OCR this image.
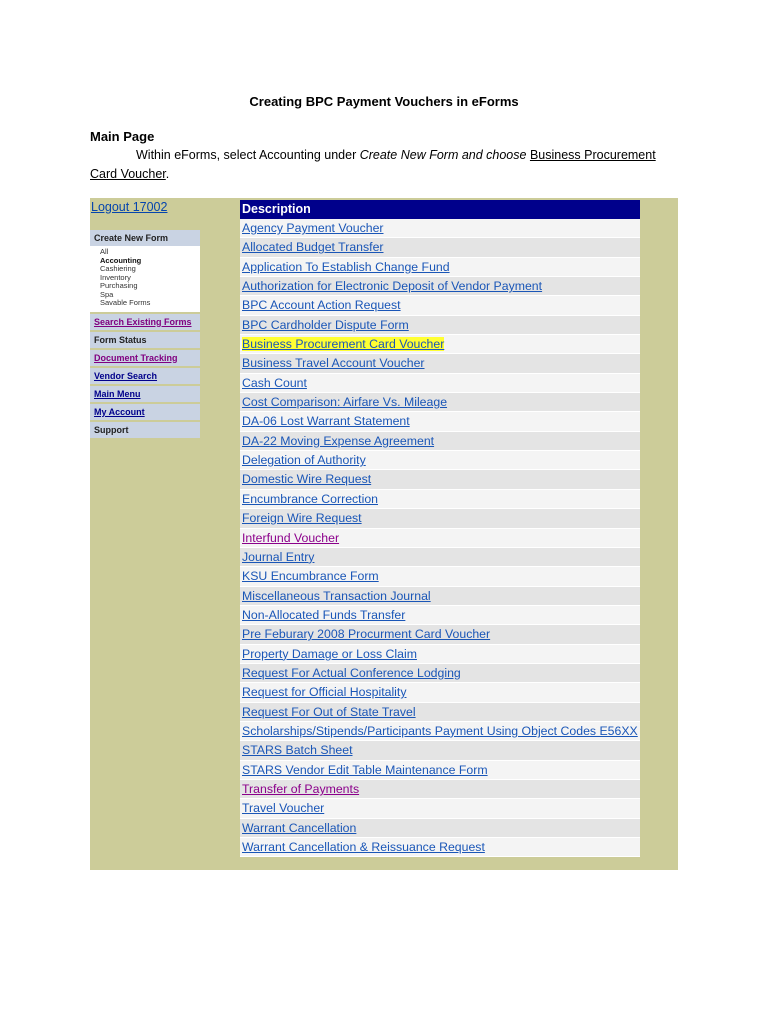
Creating BPC Payment Vouchers in eForms
Main Page
Within eForms, select Accounting under Create New Form and choose Business Procurement Card Voucher.
Logout 17002
Create New Form
All
Accounting
Cashiering
Inventory
Purchasing
Spa
Savable Forms
Search Existing Forms
Form Status
Document Tracking
Vendor Search
Main Menu
My Account
Support
Description
Agency Payment Voucher
Allocated Budget Transfer
Application To Establish Change Fund
Authorization for Electronic Deposit of Vendor Payment
BPC Account Action Request
BPC Cardholder Dispute Form
Business Procurement Card Voucher
Business Travel Account Voucher
Cash Count
Cost Comparison: Airfare Vs. Mileage
DA-06 Lost Warrant Statement
DA-22 Moving Expense Agreement
Delegation of Authority
Domestic Wire Request
Encumbrance Correction
Foreign Wire Request
Interfund Voucher
Journal Entry
KSU Encumbrance Form
Miscellaneous Transaction Journal
Non-Allocated Funds Transfer
Pre Feburary 2008 Procurment Card Voucher
Property Damage or Loss Claim
Request For Actual Conference Lodging
Request for Official Hospitality
Request For Out of State Travel
Scholarships/Stipends/Participants Payment Using Object Codes E56XX
STARS Batch Sheet
STARS Vendor Edit Table Maintenance Form
Transfer of Payments
Travel Voucher
Warrant Cancellation
Warrant Cancellation & Reissuance Request
